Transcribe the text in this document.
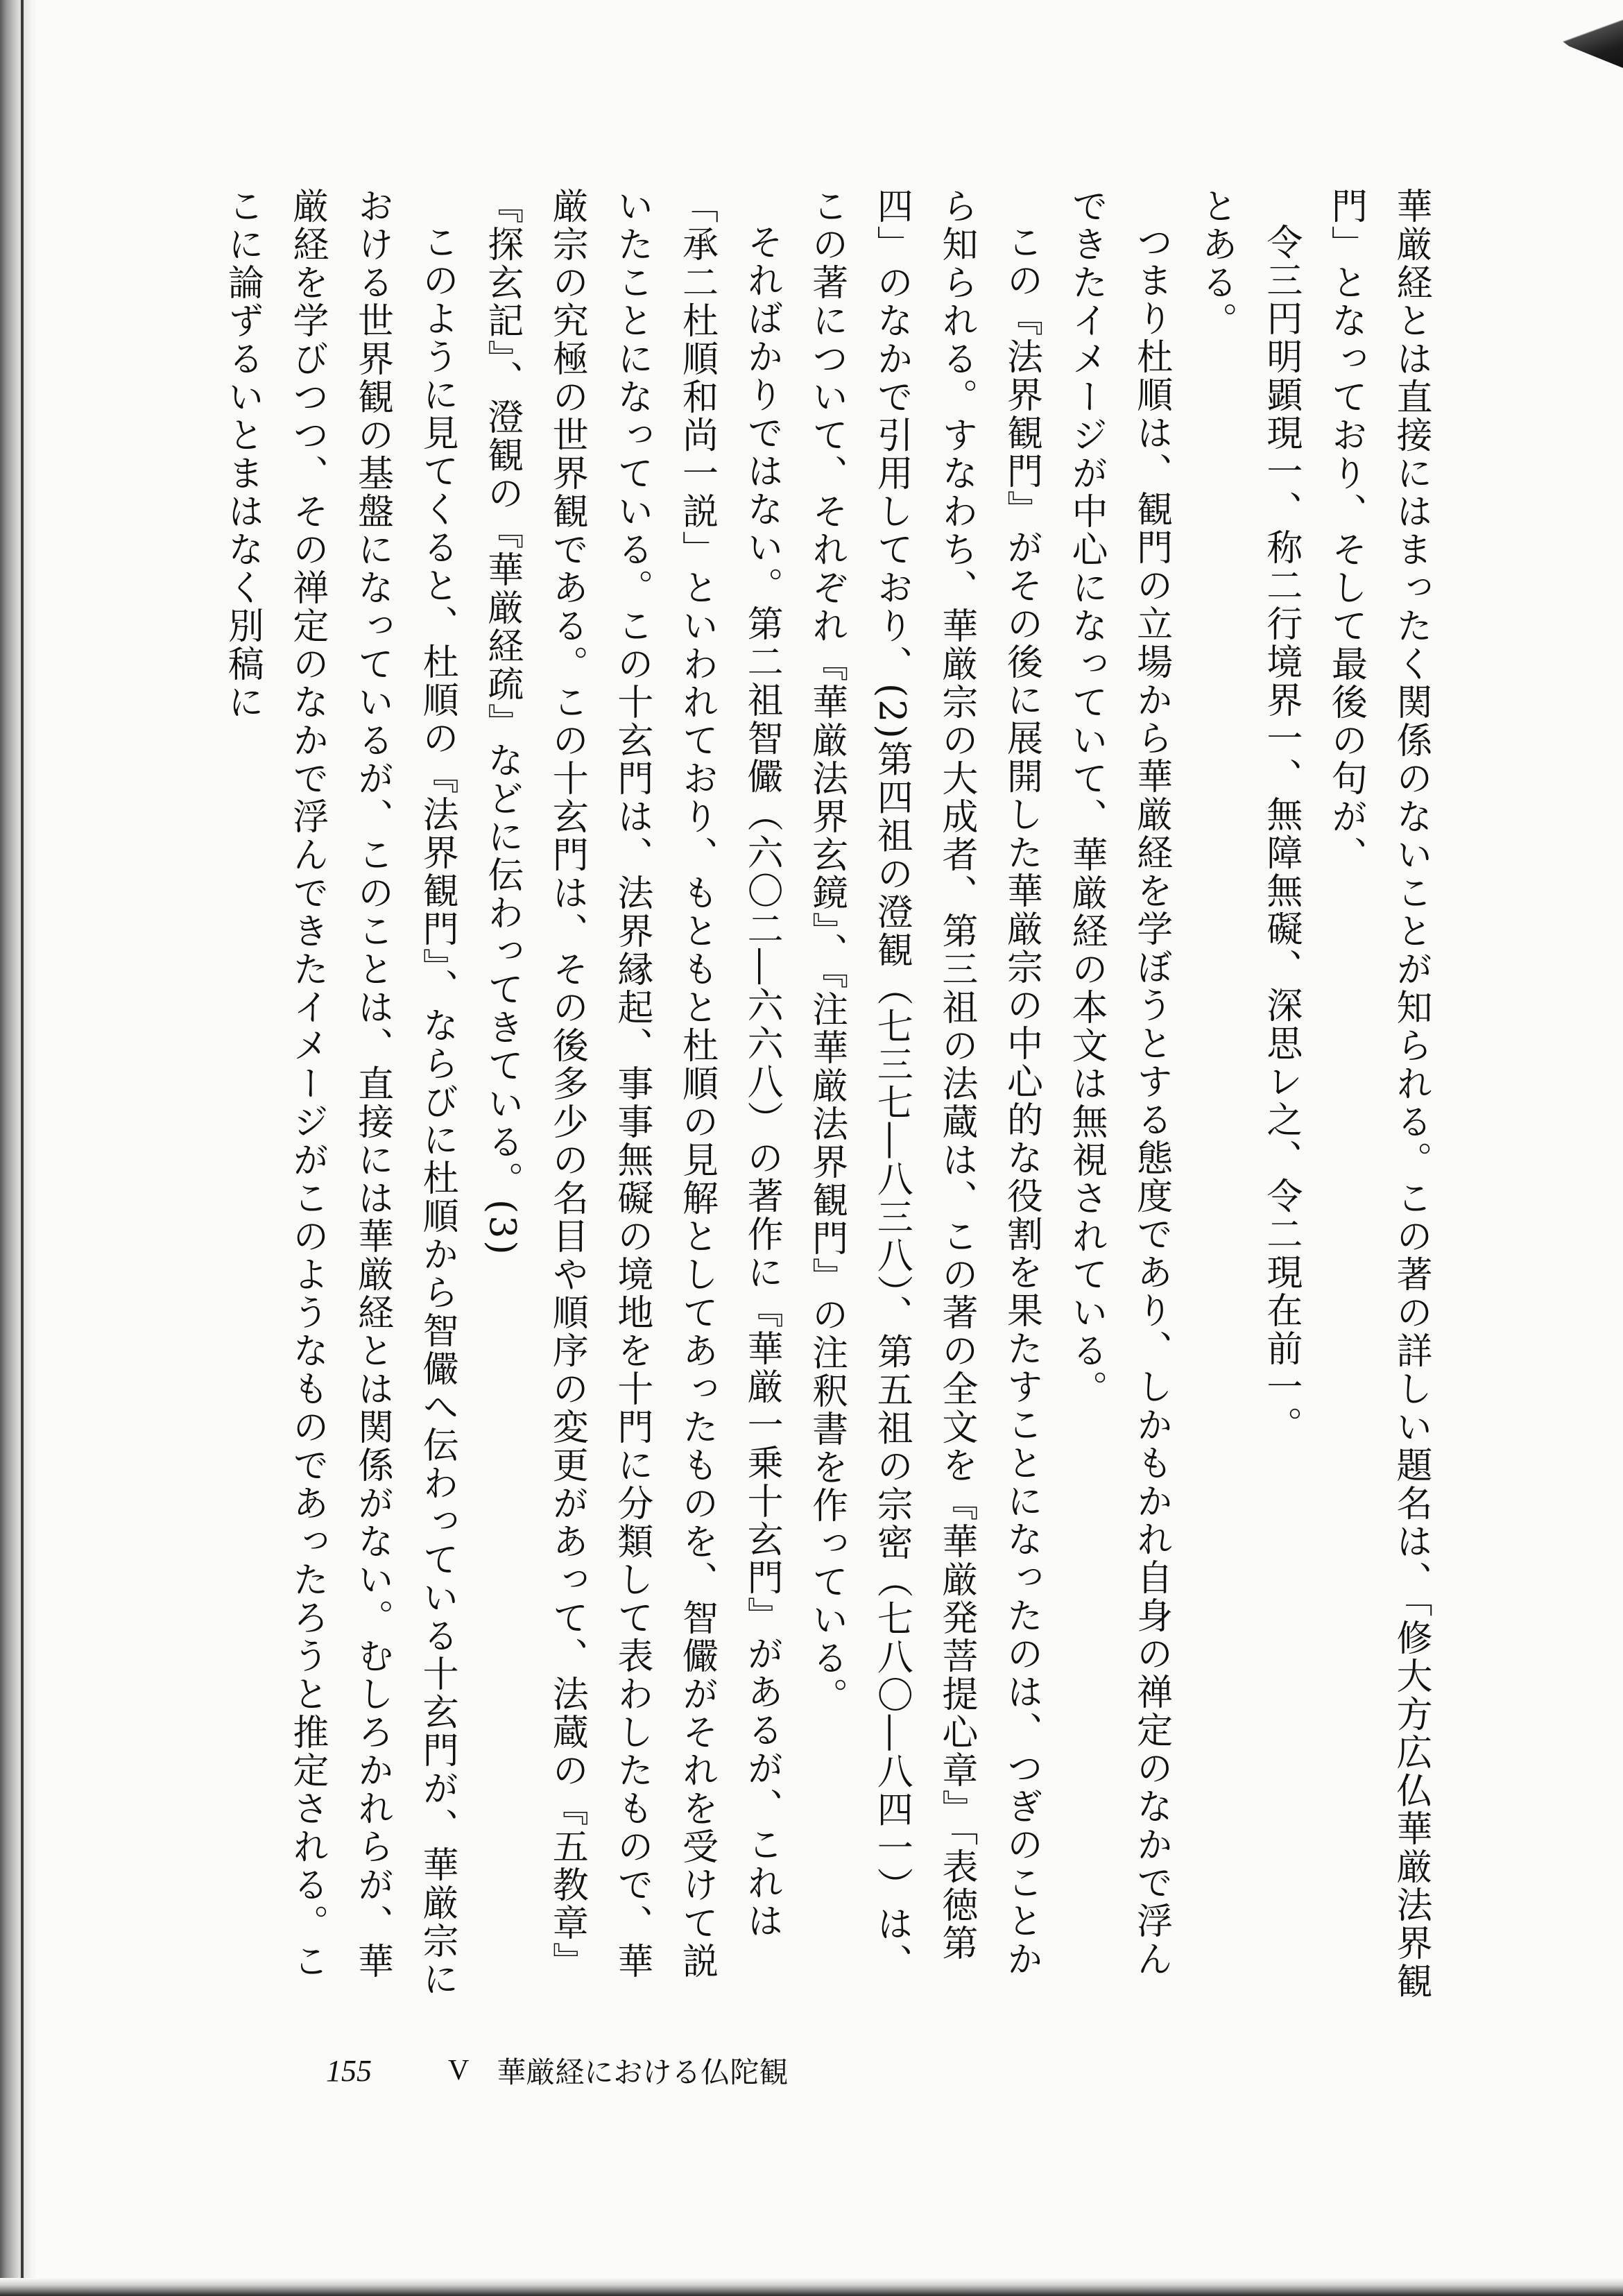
華厳経とは直接にはまったく関係のないことが知られる。この著の詳しい題名は、「修大方広仏華厳法界観門」となっており、そして最後の句が、

令三円明顕現一、称二行境界一、無障無礙、深思レ之、令二現在前一。

とある。

つまり杜順は、観門の立場から華厳経を学ぼうとする態度であり、しかもかれ自身の禅定のなかで浮んできたイメージが中心になっていて、華厳経の本文は無視されている。

この『法界観門』がその後に展開した華厳宗の中心的な役割を果たすことになったのは、つぎのことから知られる。すなわち、華厳宗の大成者、第三祖の法蔵は、この著の全文を『華厳発菩提心章』「表徳第四」のなかで引用しており、(2)第四祖の澄観（七三七―八三八）、第五祖の宗密（七八〇―八四一）は、この著について、それぞれ『華厳法界玄鏡』、『注華厳法界観門』の注釈書を作っている。

そればかりではない。第二祖智儼（六〇二―六六八）の著作に『華厳一乗十玄門』があるが、これは「承二杜順和尚一説」といわれており、もともと杜順の見解としてあったものを、智儼がそれを受けて説いたことになっている。この十玄門は、法界縁起、事事無礙の境地を十門に分類して表わしたもので、華厳宗の究極の世界観である。この十玄門は、その後多少の名目や順序の変更があって、法蔵の『五教章』『探玄記』、澄観の『華厳経疏』などに伝わってきている。(3)

このように見てくると、杜順の『法界観門』、ならびに杜順から智儼へ伝わっている十玄門が、華厳宗における世界観の基盤になっているが、このことは、直接には華厳経とは関係がない。むしろかれらが、華厳経を学びつつ、その禅定のなかで浮んできたイメージがこのようなものであったろうと推定される。ここに論ずるいとまはなく別稿に

155	V 華厳経における仏陀観
